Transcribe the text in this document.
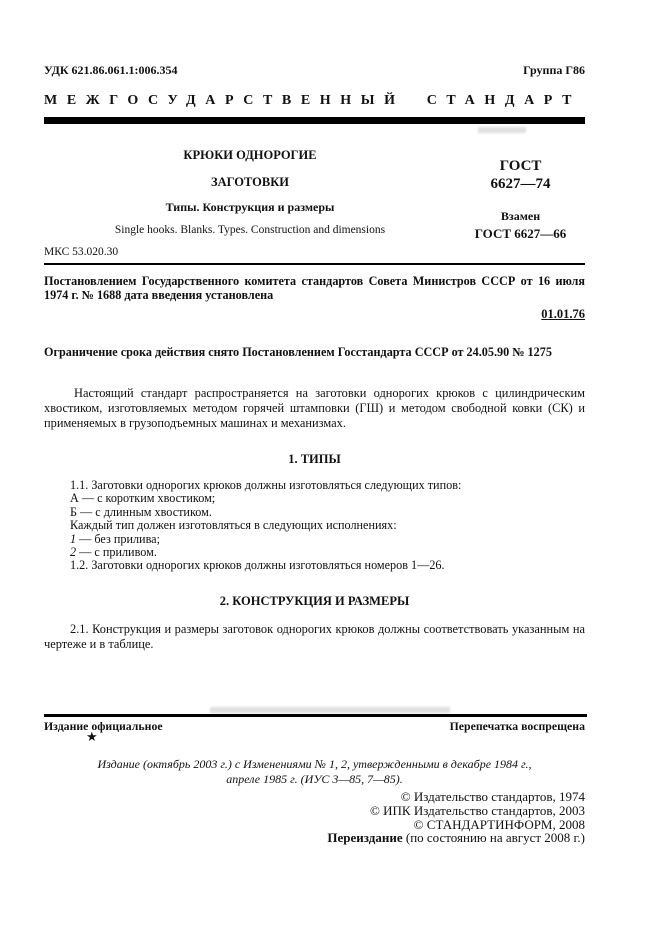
УДК 621.86.061.1:006.354	Группа Г86
МЕЖГОСУДАРСТВЕННЫЙ СТАНДАРТ
КРЮКИ ОДНОРОГИЕ
ЗАГОТОВКИ
Типы. Конструкция и размеры
Single hooks. Blanks. Types. Construction and dimensions
ГОСТ
6627—74
Взамен
ГОСТ 6627—66
МКС 53.020.30
Постановлением Государственного комитета стандартов Совета Министров СССР от 16 июля 1974 г. № 1688 дата введения установлена
01.01.76
Ограничение срока действия снято Постановлением Госстандарта СССР от 24.05.90 № 1275
Настоящий стандарт распространяется на заготовки однорогих крюков с цилиндрическим хвостиком, изготовляемых методом горячей штамповки (ГШ) и методом свободной ковки (СК) и применяемых в грузоподъемных машинах и механизмах.
1. ТИПЫ
1.1. Заготовки однорогих крюков должны изготовляться следующих типов:
А — с коротким хвостиком;
Б — с длинным хвостиком.
Каждый тип должен изготовляться в следующих исполнениях:
1 — без прилива;
2 — с приливом.
1.2. Заготовки однорогих крюков должны изготовляться номеров 1—26.
2. КОНСТРУКЦИЯ И РАЗМЕРЫ
2.1. Конструкция и размеры заготовок однорогих крюков должны соответствовать указанным на чертеже и в таблице.
Издание официальное	Перепечатка воспрещена
★
Издание (октябрь 2003 г.) с Изменениями № 1, 2, утвержденными в декабре 1984 г.,
апреле 1985 г. (ИУС 3—85, 7—85).
© Издательство стандартов, 1974
© ИПК Издательство стандартов, 2003
© СТАНДАРТИНФОРМ, 2008
Переиздание (по состоянию на август 2008 г.)
